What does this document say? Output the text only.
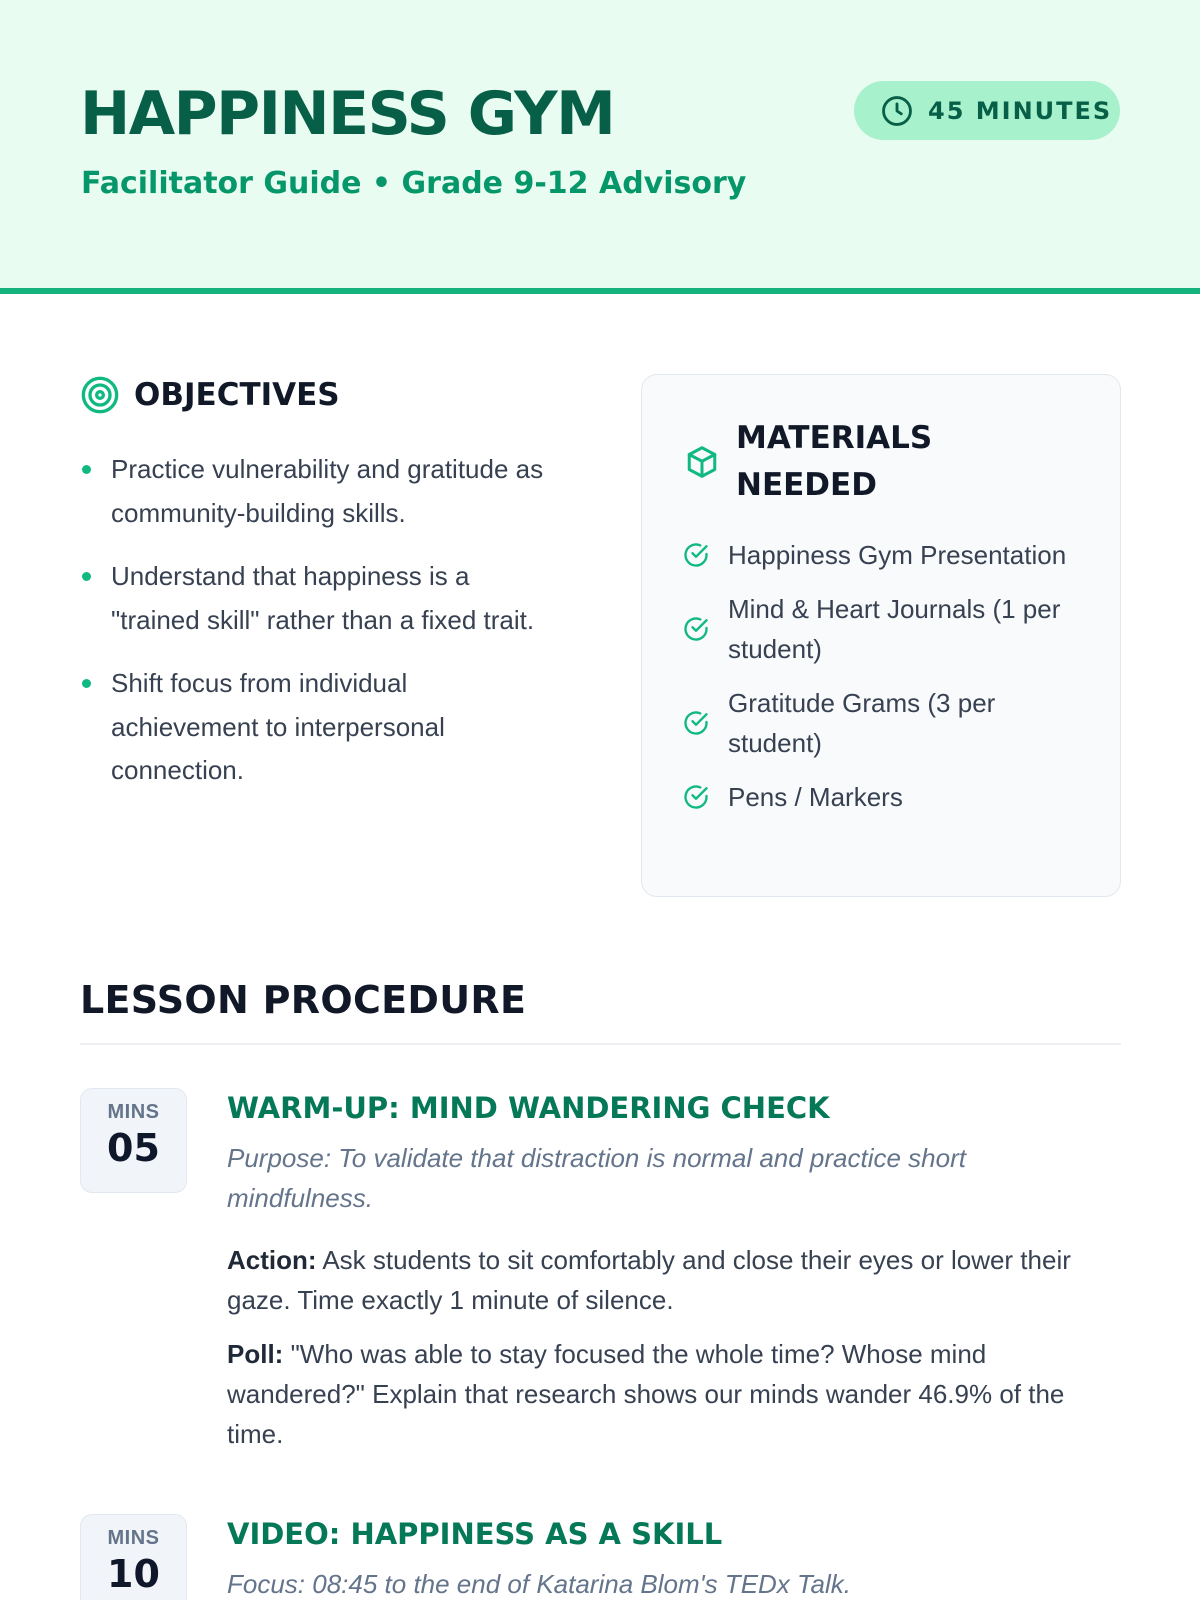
HAPPINESS GYM
Facilitator Guide • Grade 9-12 Advisory
45 MINUTES
OBJECTIVES
Practice vulnerability and gratitude as community-building skills.
Understand that happiness is a "trained skill" rather than a fixed trait.
Shift focus from individual achievement to interpersonal connection.
MATERIALS NEEDED
Happiness Gym Presentation
Mind & Heart Journals (1 per student)
Gratitude Grams (3 per student)
Pens / Markers
LESSON PROCEDURE
MINS
05
WARM-UP: MIND WANDERING CHECK
Purpose: To validate that distraction is normal and practice short mindfulness.

Action: Ask students to sit comfortably and close their eyes or lower their gaze. Time exactly 1 minute of silence.

Poll: "Who was able to stay focused the whole time? Whose mind wandered?" Explain that research shows our minds wander 46.9% of the time.

MINS
10
VIDEO: HAPPINESS AS A SKILL
Focus: 08:45 to the end of Katarina Blom's TEDx Talk.
